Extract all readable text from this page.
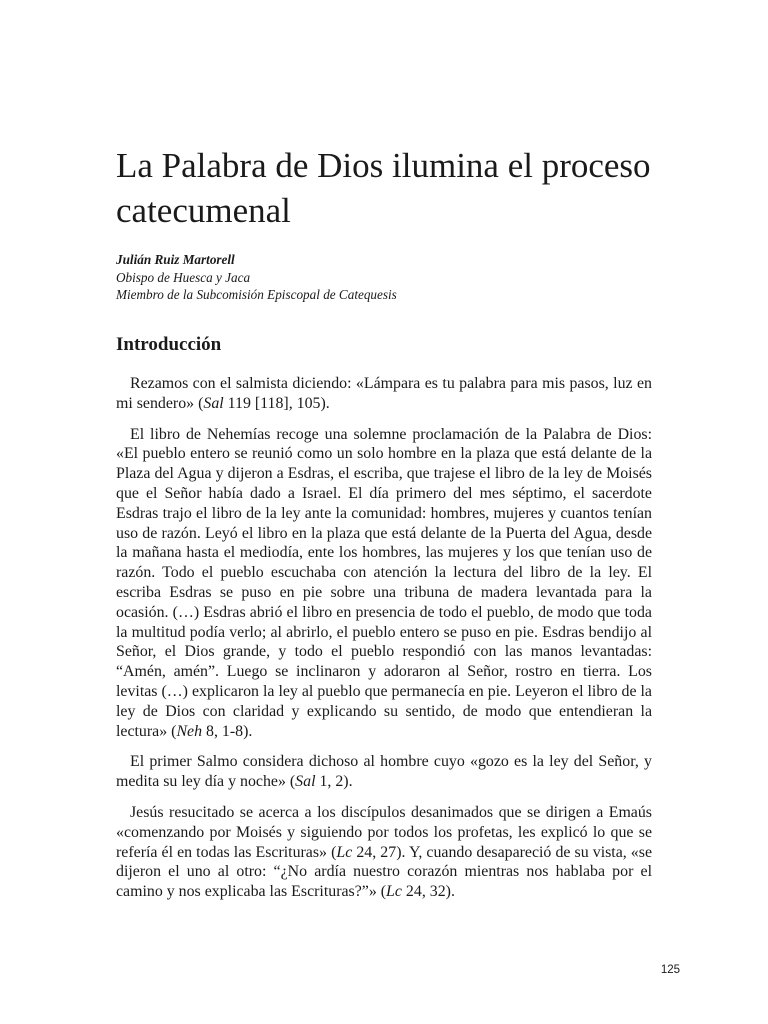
La Palabra de Dios ilumina el proceso catecumenal
Julián Ruiz Martorell
Obispo de Huesca y Jaca
Miembro de la Subcomisión Episcopal de Catequesis
Introducción

Rezamos con el salmista diciendo: «Lámpara es tu palabra para mis pasos, luz en mi sendero» (Sal 119 [118], 105).

El libro de Nehemías recoge una solemne proclamación de la Palabra de Dios: «El pueblo entero se reunió como un solo hombre en la plaza que está delante de la Plaza del Agua y dijeron a Esdras, el escriba, que trajese el libro de la ley de Moisés que el Señor había dado a Israel. El día primero del mes séptimo, el sacerdote Esdras trajo el libro de la ley ante la comunidad: hombres, mujeres y cuantos tenían uso de razón. Leyó el libro en la plaza que está delante de la Puerta del Agua, desde la mañana hasta el mediodía, ente los hombres, las mujeres y los que tenían uso de razón. Todo el pueblo escuchaba con atención la lectura del libro de la ley. El escriba Esdras se puso en pie sobre una tribuna de madera levantada para la ocasión. (…) Esdras abrió el libro en presencia de todo el pueblo, de modo que toda la multitud podía verlo; al abrirlo, el pueblo entero se puso en pie. Esdras bendijo al Señor, el Dios grande, y todo el pueblo respondió con las manos levantadas: “Amén, amén”. Luego se inclinaron y adoraron al Señor, rostro en tierra. Los levitas (…) explicaron la ley al pueblo que permanecía en pie. Leyeron el libro de la ley de Dios con claridad y explicando su sentido, de modo que entendieran la lectura» (Neh 8, 1-8).

El primer Salmo considera dichoso al hombre cuyo «gozo es la ley del Señor, y medita su ley día y noche» (Sal 1, 2).

Jesús resucitado se acerca a los discípulos desanimados que se dirigen a Emaús «comenzando por Moisés y siguiendo por todos los profetas, les explicó lo que se refería él en todas las Escrituras» (Lc 24, 27). Y, cuando desapareció de su vista, «se dijeron el uno al otro: “¿No ardía nuestro corazón mientras nos hablaba por el camino y nos explicaba las Escrituras?”» (Lc 24, 32).

125
